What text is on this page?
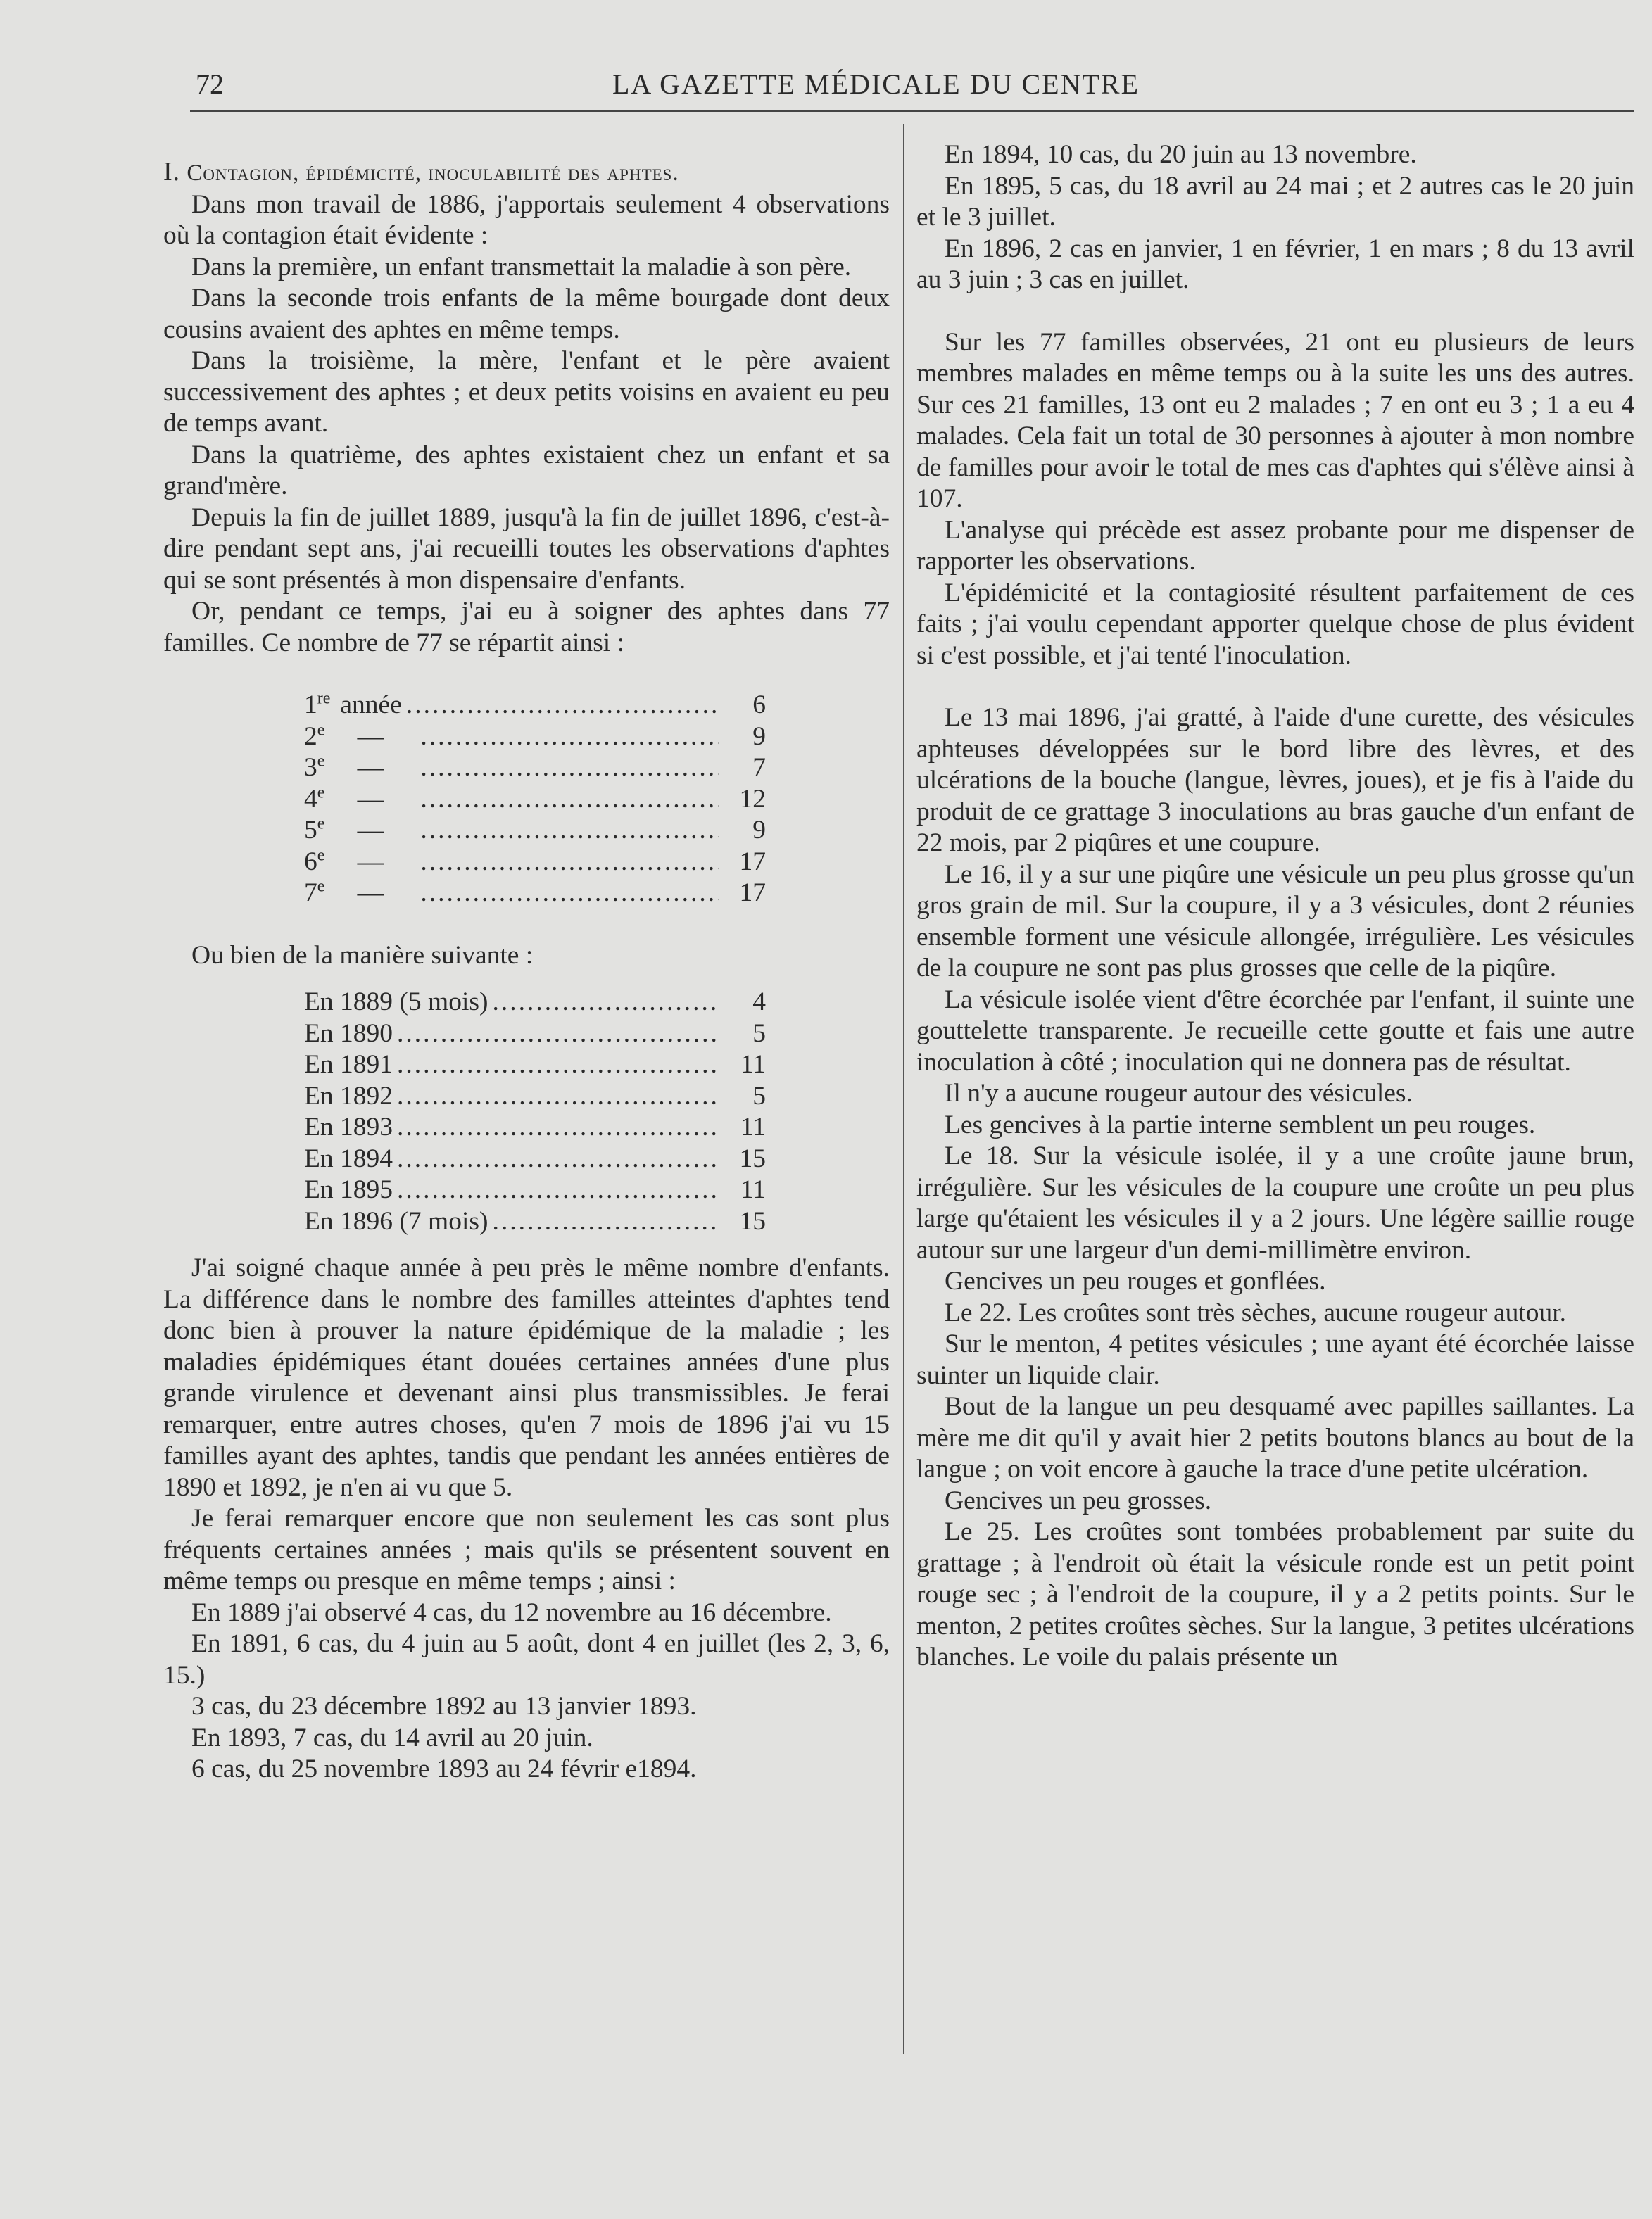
72	LA GAZETTE MÉDICALE DU CENTRE

I. Contagion, épidémicité, inoculabilité des aphtes.

Dans mon travail de 1886, j'apportais seulement 4 observations où la contagion était évidente :

Dans la première, un enfant transmettait la maladie à son père.

Dans la seconde trois enfants de la même bourgade dont deux cousins avaient des aphtes en même temps.

Dans la troisième, la mère, l'enfant et le père avaient successivement des aphtes ; et deux petits voisins en avaient eu peu de temps avant.

Dans la quatrième, des aphtes existaient chez un enfant et sa grand'mère.

Depuis la fin de juillet 1889, jusqu'à la fin de juillet 1896, c'est-à-dire pendant sept ans, j'ai recueilli toutes les observations d'aphtes qui se sont présentés à mon dispensaire d'enfants.

Or, pendant ce temps, j'ai eu à soigner des aphtes dans 77 familles. Ce nombre de 77 se répartit ainsi :

1re année .....	6
2e	— .....	9
3e	— .....	7
4e	— .....	12
5e	— .....	9
6e	— .....	17
7e	— .....	17

Ou bien de la manière suivante :

En 1889 (5 mois) .....	4
En 1890 .....	5
En 1891 .....	11
En 1892 .....	5
En 1893 .....	11
En 1894 .....	15
En 1895 .....	11
En 1896 (7 mois) .....	15

J'ai soigné chaque année à peu près le même nombre d'enfants. La différence dans le nombre des familles atteintes d'aphtes tend donc bien à prouver la nature épidémique de la maladie ; les maladies épidémiques étant douées certaines années d'une plus grande virulence et devenant ainsi plus transmissibles. Je ferai remarquer, entre autres choses, qu'en 7 mois de 1896 j'ai vu 15 familles ayant des aphtes, tandis que pendant les années entières de 1890 et 1892, je n'en ai vu que 5.

Je ferai remarquer encore que non seulement les cas sont plus fréquents certaines années ; mais qu'ils se présentent souvent en même temps ou presque en même temps ; ainsi :

En 1889 j'ai observé 4 cas, du 12 novembre au 16 décembre.

En 1891, 6 cas, du 4 juin au 5 août, dont 4 en juillet (les 2, 3, 6, 15.)

3 cas, du 23 décembre 1892 au 13 janvier 1893.

En 1893, 7 cas, du 14 avril au 20 juin.

6 cas, du 25 novembre 1893 au 24 févrir e1894.

En 1894, 10 cas, du 20 juin au 13 novembre.

En 1895, 5 cas, du 18 avril au 24 mai ; et 2 autres cas le 20 juin et le 3 juillet.

En 1896, 2 cas en janvier, 1 en février, 1 en mars ; 8 du 13 avril au 3 juin ; 3 cas en juillet.

Sur les 77 familles observées, 21 ont eu plusieurs de leurs membres malades en même temps ou à la suite les uns des autres. Sur ces 21 familles, 13 ont eu 2 malades ; 7 en ont eu 3 ; 1 a eu 4 malades. Cela fait un total de 30 personnes à ajouter à mon nombre de familles pour avoir le total de mes cas d'aphtes qui s'élève ainsi à 107.

L'analyse qui précède est assez probante pour me dispenser de rapporter les observations.

L'épidémicité et la contagiosité résultent parfaitement de ces faits ; j'ai voulu cependant apporter quelque chose de plus évident si c'est possible, et j'ai tenté l'inoculation.

Le 13 mai 1896, j'ai gratté, à l'aide d'une curette, des vésicules aphteuses développées sur le bord libre des lèvres, et des ulcérations de la bouche (langue, lèvres, joues), et je fis à l'aide du produit de ce grattage 3 inoculations au bras gauche d'un enfant de 22 mois, par 2 piqûres et une coupure.

Le 16, il y a sur une piqûre une vésicule un peu plus grosse qu'un gros grain de mil. Sur la coupure, il y a 3 vésicules, dont 2 réunies ensemble forment une vésicule allongée, irrégulière. Les vésicules de la coupure ne sont pas plus grosses que celle de la piqûre.

La vésicule isolée vient d'être écorchée par l'enfant, il suinte une gouttelette transparente. Je recueille cette goutte et fais une autre inoculation à côté ; inoculation qui ne donnera pas de résultat.

Il n'y a aucune rougeur autour des vésicules.

Les gencives à la partie interne semblent un peu rouges.

Le 18. Sur la vésicule isolée, il y a une croûte jaune brun, irrégulière. Sur les vésicules de la coupure une croûte un peu plus large qu'étaient les vésicules il y a 2 jours. Une légère saillie rouge autour sur une largeur d'un demi-millimètre environ.

Gencives un peu rouges et gonflées.

Le 22. Les croûtes sont très sèches, aucune rougeur autour.

Sur le menton, 4 petites vésicules ; une ayant été écorchée laisse suinter un liquide clair.

Bout de la langue un peu desquamé avec papilles saillantes. La mère me dit qu'il y avait hier 2 petits boutons blancs au bout de la langue ; on voit encore à gauche la trace d'une petite ulcération.

Gencives un peu grosses.

Le 25. Les croûtes sont tombées probablement par suite du grattage ; à l'endroit où était la vésicule ronde est un petit point rouge sec ; à l'endroit de la coupure, il y a 2 petits points. Sur le menton, 2 petites croûtes sèches. Sur la langue, 3 petites ulcérations blanches. Le voile du palais présente un
